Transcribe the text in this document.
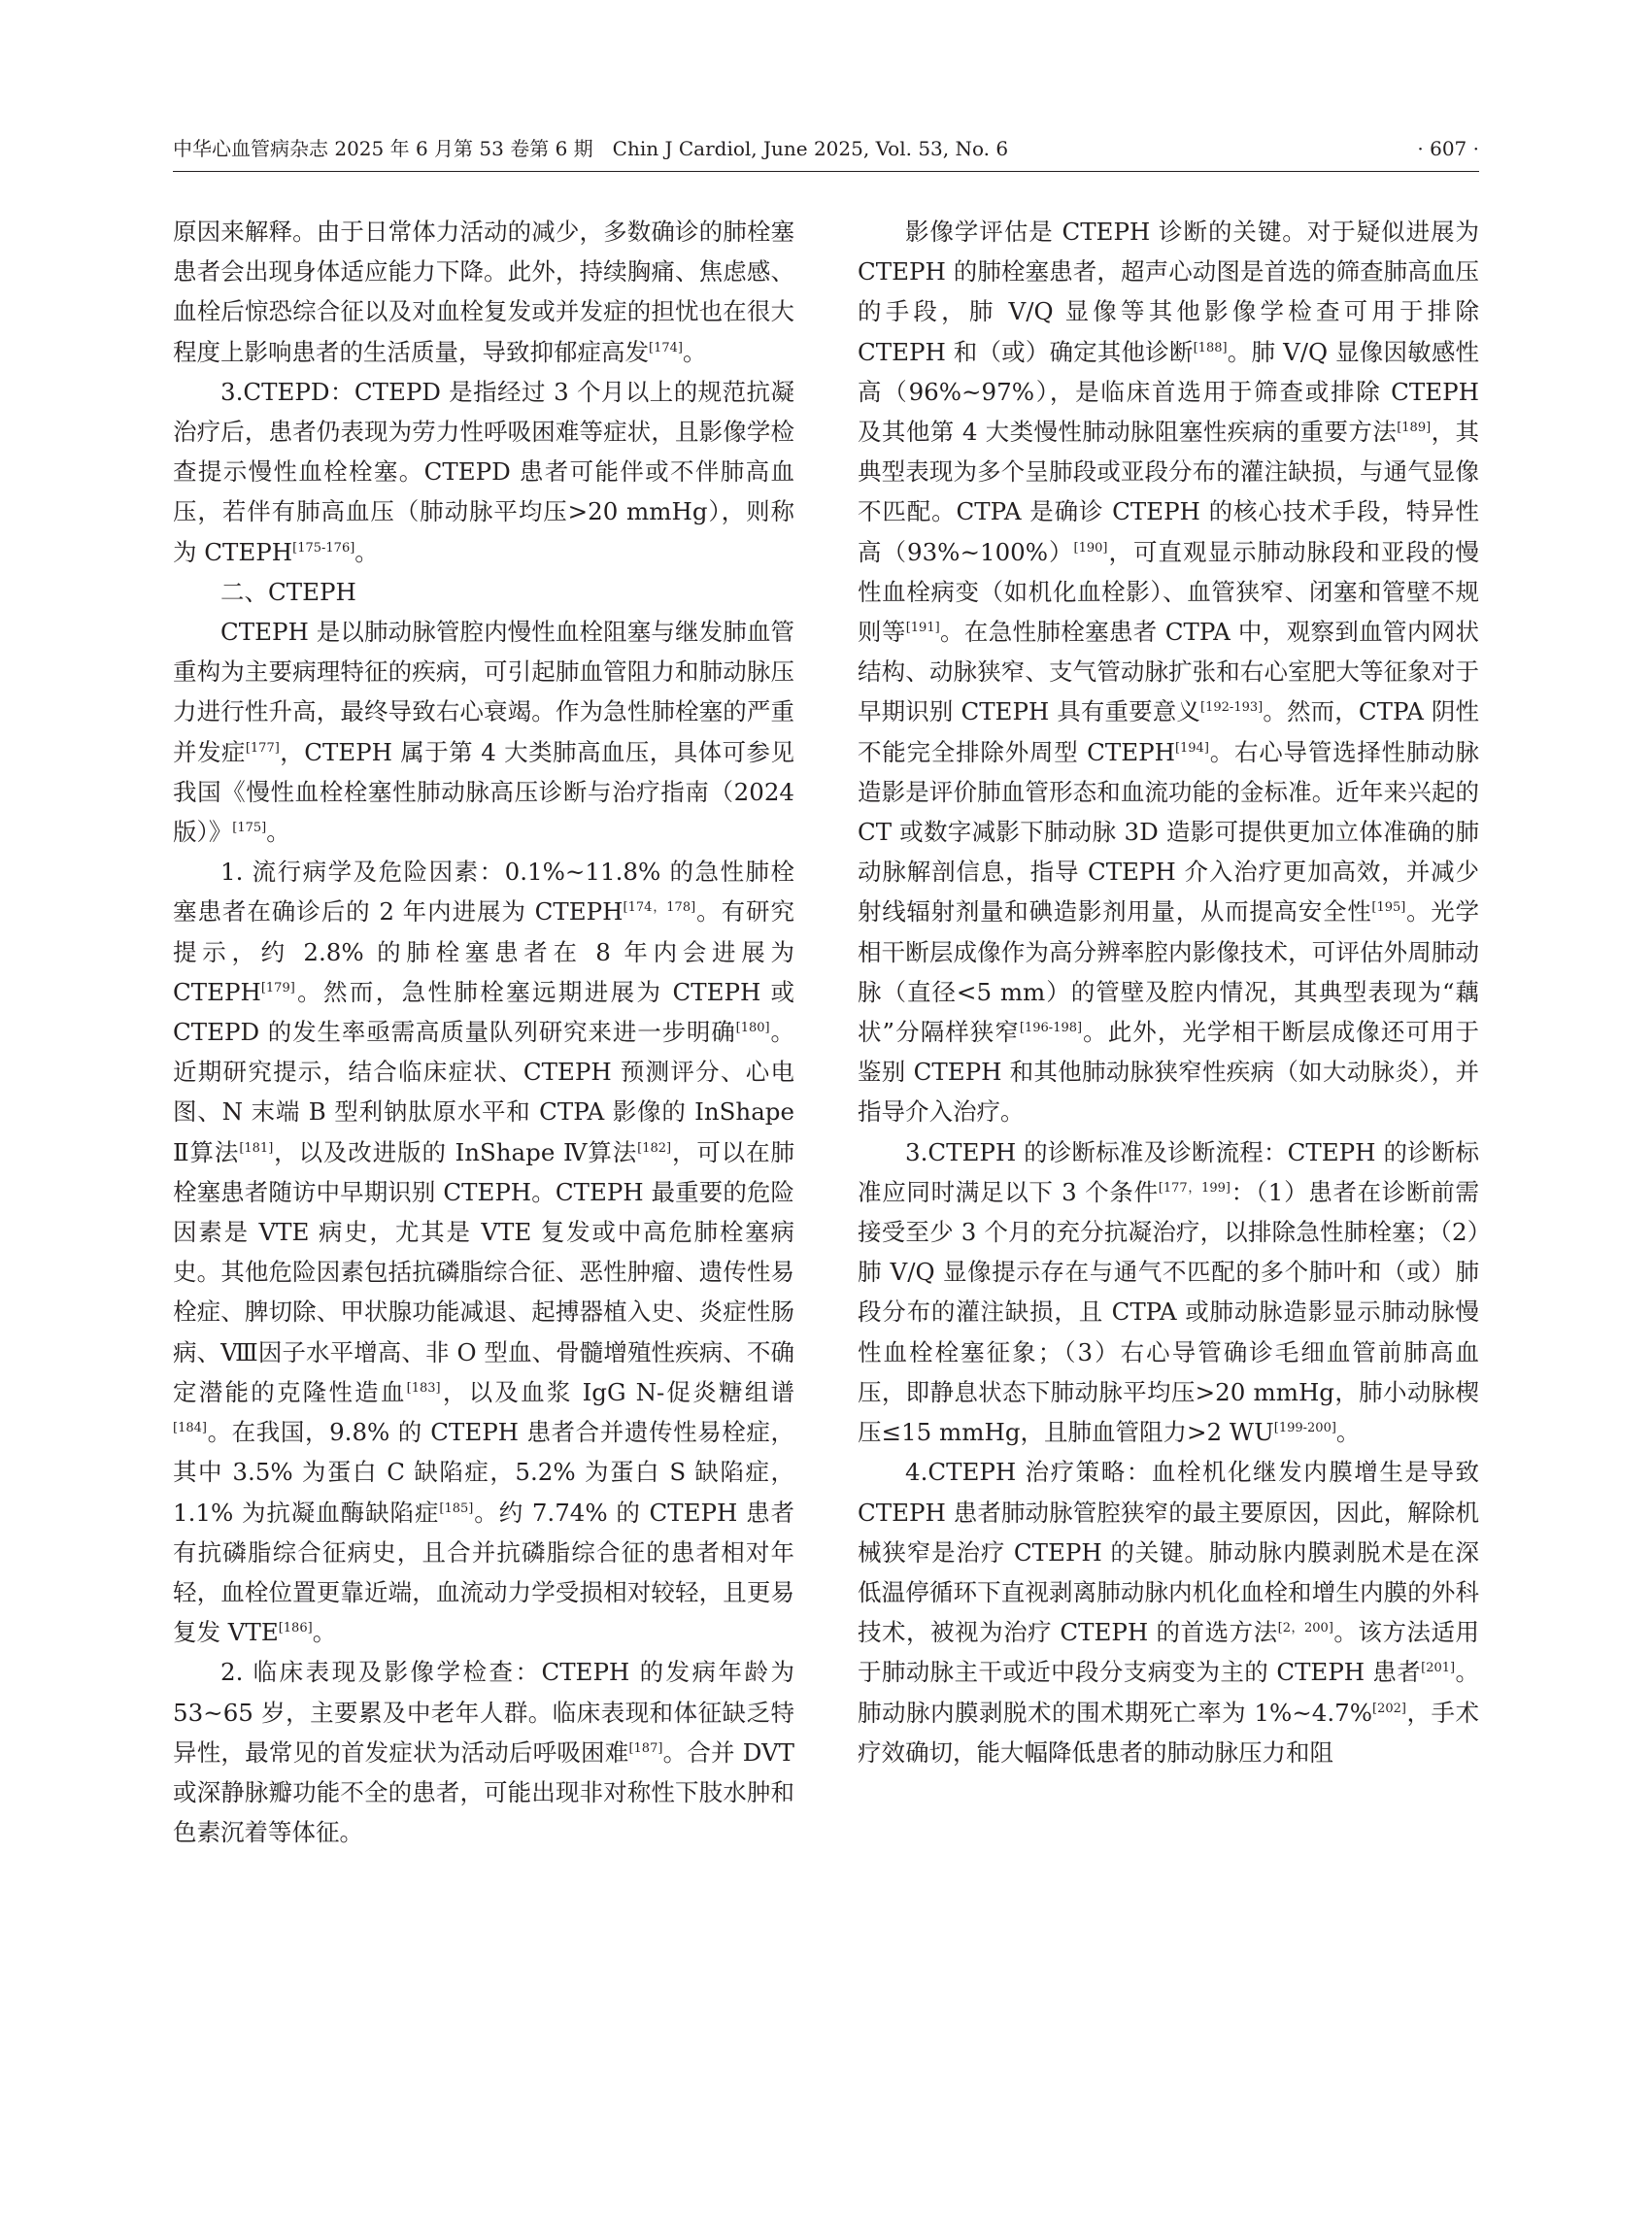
中华心血管病杂志 2025 年 6 月第 53 卷第 6 期　Chin J Cardiol, June 2025, Vol. 53, No. 6	· 607 ·

原因来解释。由于日常体力活动的减少，多数确诊的肺栓塞患者会出现身体适应能力下降。此外，持续胸痛、焦虑感、血栓后惊恐综合征以及对血栓复发或并发症的担忧也在很大程度上影响患者的生活质量，导致抑郁症高发[174]。

3.CTEPD：CTEPD 是指经过 3 个月以上的规范抗凝治疗后，患者仍表现为劳力性呼吸困难等症状，且影像学检查提示慢性血栓栓塞。CTEPD 患者可能伴或不伴肺高血压，若伴有肺高血压（肺动脉平均压>20 mmHg），则称为 CTEPH[175-176]。

二、CTEPH

CTEPH 是以肺动脉管腔内慢性血栓阻塞与继发肺血管重构为主要病理特征的疾病，可引起肺血管阻力和肺动脉压力进行性升高，最终导致右心衰竭。作为急性肺栓塞的严重并发症[177]，CTEPH 属于第 4 大类肺高血压，具体可参见我国《慢性血栓栓塞性肺动脉高压诊断与治疗指南（2024 版）》[175]。

1. 流行病学及危险因素：0.1%~11.8% 的急性肺栓塞患者在确诊后的 2 年内进展为 CTEPH[174，178]。有研究提示，约 2.8% 的肺栓塞患者在 8 年内会进展为 CTEPH[179]。然而，急性肺栓塞远期进展为 CTEPH 或 CTEPD 的发生率亟需高质量队列研究来进一步明确[180]。近期研究提示，结合临床症状、CTEPH 预测评分、心电图、N 末端 B 型利钠肽原水平和 CTPA 影像的 InShape Ⅱ算法[181]，以及改进版的 InShape Ⅳ算法[182]，可以在肺栓塞患者随访中早期识别 CTEPH。CTEPH 最重要的危险因素是 VTE 病史，尤其是 VTE 复发或中高危肺栓塞病史。其他危险因素包括抗磷脂综合征、恶性肿瘤、遗传性易栓症、脾切除、甲状腺功能减退、起搏器植入史、炎症性肠病、Ⅷ因子水平增高、非 O 型血、骨髓增殖性疾病、不确定潜能的克隆性造血[183]，以及血浆 IgG N-促炎糖组谱[184]。在我国，9.8% 的 CTEPH 患者合并遗传性易栓症，其中 3.5% 为蛋白 C 缺陷症，5.2% 为蛋白 S 缺陷症，1.1% 为抗凝血酶缺陷症[185]。约 7.74% 的 CTEPH 患者有抗磷脂综合征病史，且合并抗磷脂综合征的患者相对年轻，血栓位置更靠近端，血流动力学受损相对较轻，且更易复发 VTE[186]。

2. 临床表现及影像学检查：CTEPH 的发病年龄为 53~65 岁，主要累及中老年人群。临床表现和体征缺乏特异性，最常见的首发症状为活动后呼吸困难[187]。合并 DVT 或深静脉瓣功能不全的患者，可能出现非对称性下肢水肿和色素沉着等体征。

影像学评估是 CTEPH 诊断的关键。对于疑似进展为 CTEPH 的肺栓塞患者，超声心动图是首选的筛查肺高血压的手段，肺 V/Q 显像等其他影像学检查可用于排除 CTEPH 和（或）确定其他诊断[188]。肺 V/Q 显像因敏感性高（96%~97%），是临床首选用于筛查或排除 CTEPH 及其他第 4 大类慢性肺动脉阻塞性疾病的重要方法[189]，其典型表现为多个呈肺段或亚段分布的灌注缺损，与通气显像不匹配。CTPA 是确诊 CTEPH 的核心技术手段，特异性高（93%~100%）[190]，可直观显示肺动脉段和亚段的慢性血栓病变（如机化血栓影）、血管狭窄、闭塞和管壁不规则等[191]。在急性肺栓塞患者 CTPA 中，观察到血管内网状结构、动脉狭窄、支气管动脉扩张和右心室肥大等征象对于早期识别 CTEPH 具有重要意义[192-193]。然而，CTPA 阴性不能完全排除外周型 CTEPH[194]。右心导管选择性肺动脉造影是评价肺血管形态和血流功能的金标准。近年来兴起的 CT 或数字减影下肺动脉 3D 造影可提供更加立体准确的肺动脉解剖信息，指导 CTEPH 介入治疗更加高效，并减少射线辐射剂量和碘造影剂用量，从而提高安全性[195]。光学相干断层成像作为高分辨率腔内影像技术，可评估外周肺动脉（直径<5 mm）的管壁及腔内情况，其典型表现为“藕状”分隔样狭窄[196-198]。此外，光学相干断层成像还可用于鉴别 CTEPH 和其他肺动脉狭窄性疾病（如大动脉炎），并指导介入治疗。

3.CTEPH 的诊断标准及诊断流程：CTEPH 的诊断标准应同时满足以下 3 个条件[177，199]：（1）患者在诊断前需接受至少 3 个月的充分抗凝治疗，以排除急性肺栓塞；（2）肺 V/Q 显像提示存在与通气不匹配的多个肺叶和（或）肺段分布的灌注缺损，且 CTPA 或肺动脉造影显示肺动脉慢性血栓栓塞征象；（3）右心导管确诊毛细血管前肺高血压，即静息状态下肺动脉平均压>20 mmHg，肺小动脉楔压≤15 mmHg，且肺血管阻力>2 WU[199-200]。

4.CTEPH 治疗策略：血栓机化继发内膜增生是导致 CTEPH 患者肺动脉管腔狭窄的最主要原因，因此，解除机械狭窄是治疗 CTEPH 的关键。肺动脉内膜剥脱术是在深低温停循环下直视剥离肺动脉内机化血栓和增生内膜的外科技术，被视为治疗 CTEPH 的首选方法[2，200]。该方法适用于肺动脉主干或近中段分支病变为主的 CTEPH 患者[201]。肺动脉内膜剥脱术的围术期死亡率为 1%~4.7%[202]，手术疗效确切，能大幅降低患者的肺动脉压力和阻
